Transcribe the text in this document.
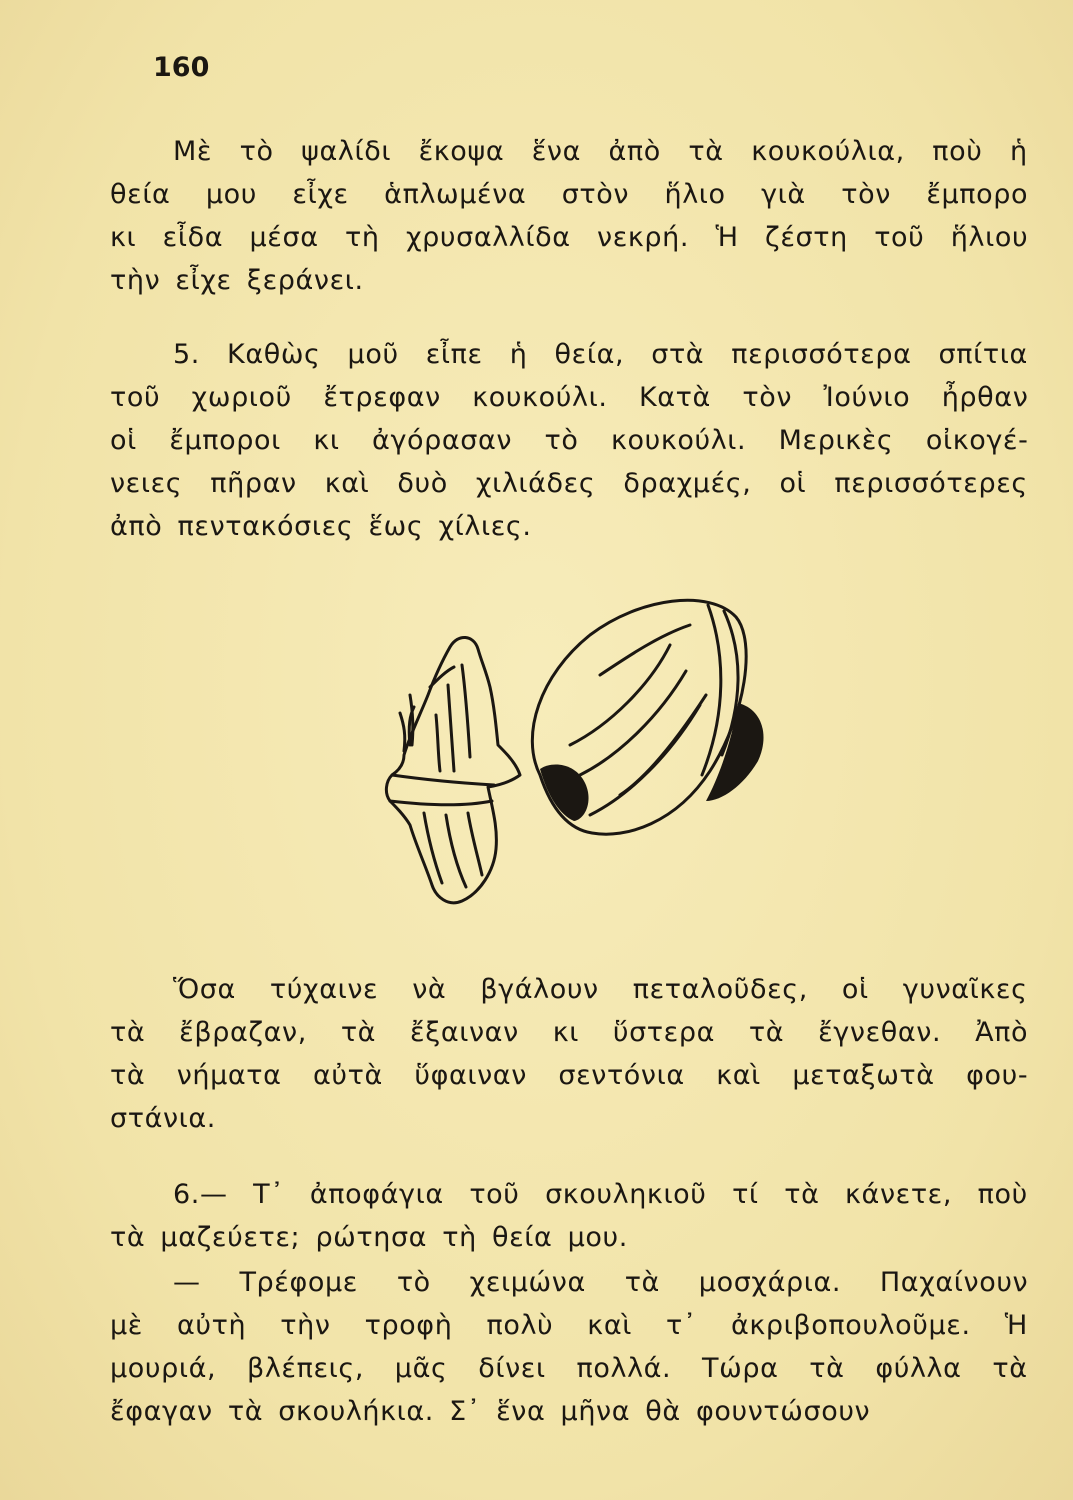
160
Μὲ τὸ ψαλίδι ἔκοψα ἕνα ἀπὸ τὰ κουκούλια, ποὺ ἡ
θεία μου εἶχε ἁπλωμένα στὸν ἥλιο γιὰ τὸν ἔμπορο
κι εἶδα μέσα τὴ χρυσαλλίδα νεκρή. Ἡ ζέστη τοῦ ἥλιου
τὴν εἶχε ξεράνει.
5. Καθὼς μοῦ εἶπε ἡ θεία, στὰ περισσότερα σπίτια
τοῦ χωριοῦ ἔτρεφαν κουκούλι. Κατὰ τὸν Ἰούνιο ἦρθαν
οἱ ἔμποροι κι ἀγόρασαν τὸ κουκούλι. Μερικὲς οἰκογέ-
νειες πῆραν καὶ δυὸ χιλιάδες δραχμές, οἱ περισσότερες
ἀπὸ πεντακόσιες ἕως χίλιες.
Ὅσα τύχαινε νὰ βγάλουν πεταλοῦδες, οἱ γυναῖκες
τὰ ἔβραζαν, τὰ ἔξαιναν κι ὕστερα τὰ ἔγνεθαν. Ἀπὸ
τὰ νήματα αὐτὰ ὕφαιναν σεντόνια καὶ μεταξωτὰ φου-
στάνια.
6.— Τ᾽ ἀποφάγια τοῦ σκουληκιοῦ τί τὰ κάνετε, ποὺ
τὰ μαζεύετε; ρώτησα τὴ θεία μου.
— Τρέφομε τὸ χειμώνα τὰ μοσχάρια. Παχαίνουν
μὲ αὐτὴ τὴν τροφὴ πολὺ καὶ τ᾽ ἀκριβοπουλοῦμε. Ἡ
μουριά, βλέπεις, μᾶς δίνει πολλά. Τώρα τὰ φύλλα τὰ
ἔφαγαν τὰ σκουλήκια. Σ᾽ ἕνα μῆνα θὰ φουντώσουν
